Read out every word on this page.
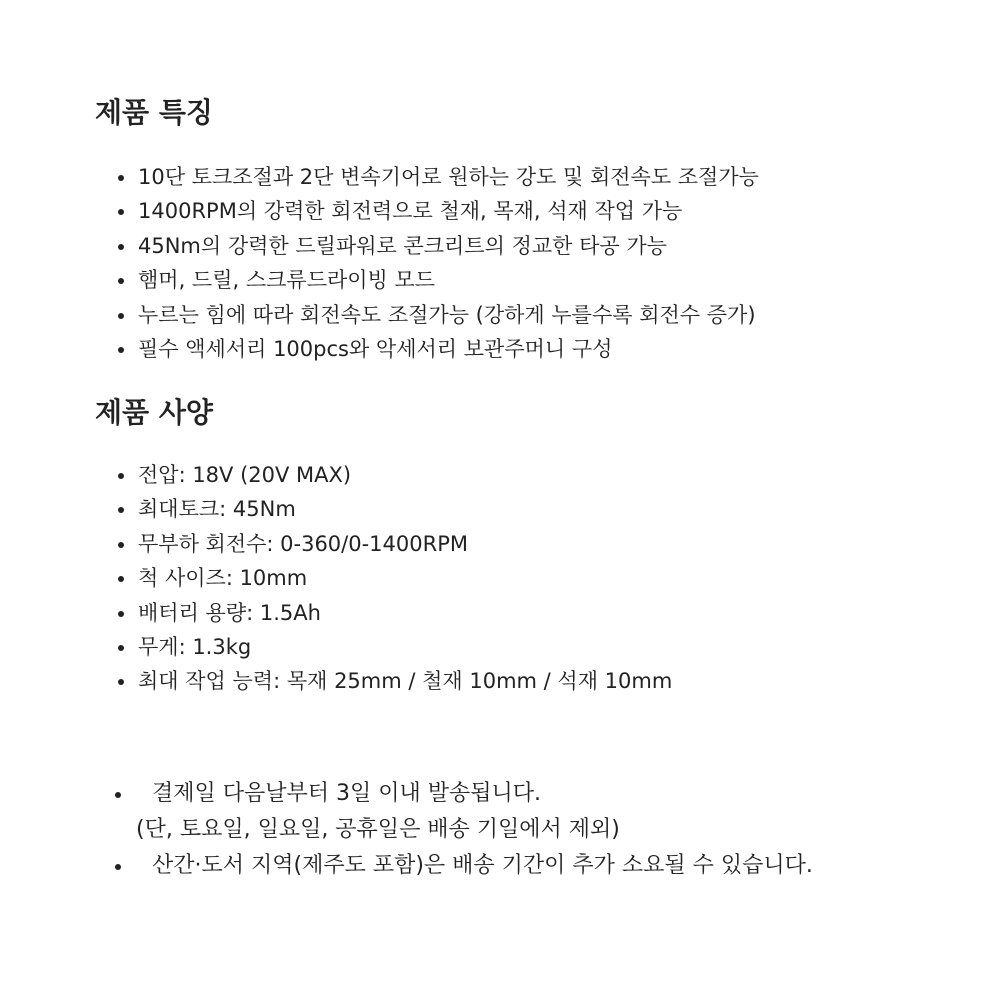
제품 특징
10단 토크조절과 2단 변속기어로 원하는 강도 및 회전속도 조절가능
1400RPM의 강력한 회전력으로 철재, 목재, 석재 작업 가능
45Nm의 강력한 드릴파워로 콘크리트의 정교한 타공 가능
햄머, 드릴, 스크류드라이빙 모드
누르는 힘에 따라 회전속도 조절가능 (강하게 누를수록 회전수 증가)
필수 액세서리 100pcs와 악세서리 보관주머니 구성
제품 사양
전압: 18V (20V MAX)
최대토크: 45Nm
무부하 회전수: 0-360/0-1400RPM
척 사이즈: 10mm
배터리 용량: 1.5Ah
무게: 1.3kg
최대 작업 능력: 목재 25mm / 철재 10mm / 석재 10mm
결제일 다음날부터 3일 이내 발송됩니다.
(단, 토요일, 일요일, 공휴일은 배송 기일에서 제외)
산간·도서 지역(제주도 포함)은 배송 기간이 추가 소요될 수 있습니다.
